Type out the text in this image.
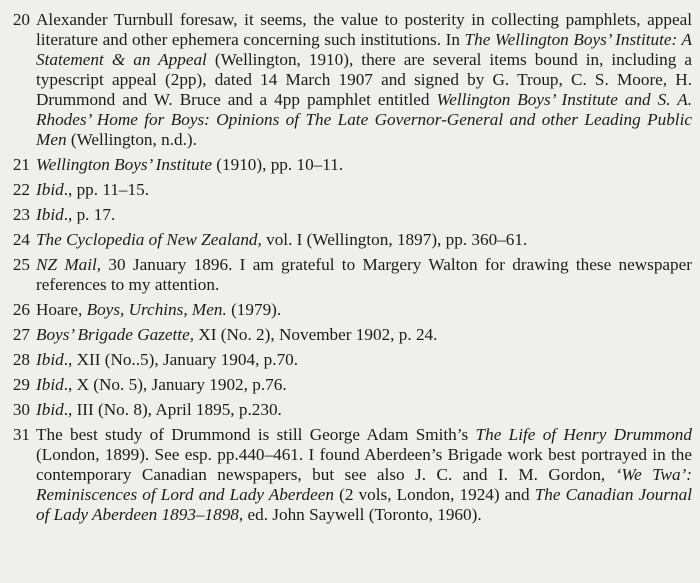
20 Alexander Turnbull foresaw, it seems, the value to posterity in collecting pamphlets, appeal literature and other ephemera concerning such institutions. In The Wellington Boys’ Institute: A Statement & an Appeal (Wellington, 1910), there are several items bound in, including a typescript appeal (2pp), dated 14 March 1907 and signed by G. Troup, C. S. Moore, H. Drummond and W. Bruce and a 4pp pamphlet entitled Wellington Boys’ Institute and S. A. Rhodes’ Home for Boys: Opinions of The Late Governor-General and other Leading Public Men (Wellington, n.d.).
21 Wellington Boys’ Institute (1910), pp. 10–11.
22 Ibid., pp. 11–15.
23 Ibid., p. 17.
24 The Cyclopedia of New Zealand, vol. I (Wellington, 1897), pp. 360–61.
25 NZ Mail, 30 January 1896. I am grateful to Margery Walton for drawing these newspaper references to my attention.
26 Hoare, Boys, Urchins, Men. (1979).
27 Boys’ Brigade Gazette, XI (No. 2), November 1902, p. 24.
28 Ibid., XII (No..5), January 1904, p.70.
29 Ibid., X (No. 5), January 1902, p.76.
30 Ibid., III (No. 8), April 1895, p.230.
31 The best study of Drummond is still George Adam Smith’s The Life of Henry Drummond (London, 1899). See esp. pp.440–461. I found Aberdeen’s Brigade work best portrayed in the contemporary Canadian newspapers, but see also J. C. and I. M. Gordon, ‘We Twa’: Reminiscences of Lord and Lady Aberdeen (2 vols, London, 1924) and The Canadian Journal of Lady Aberdeen 1893–1898, ed. John Saywell (Toronto, 1960).
